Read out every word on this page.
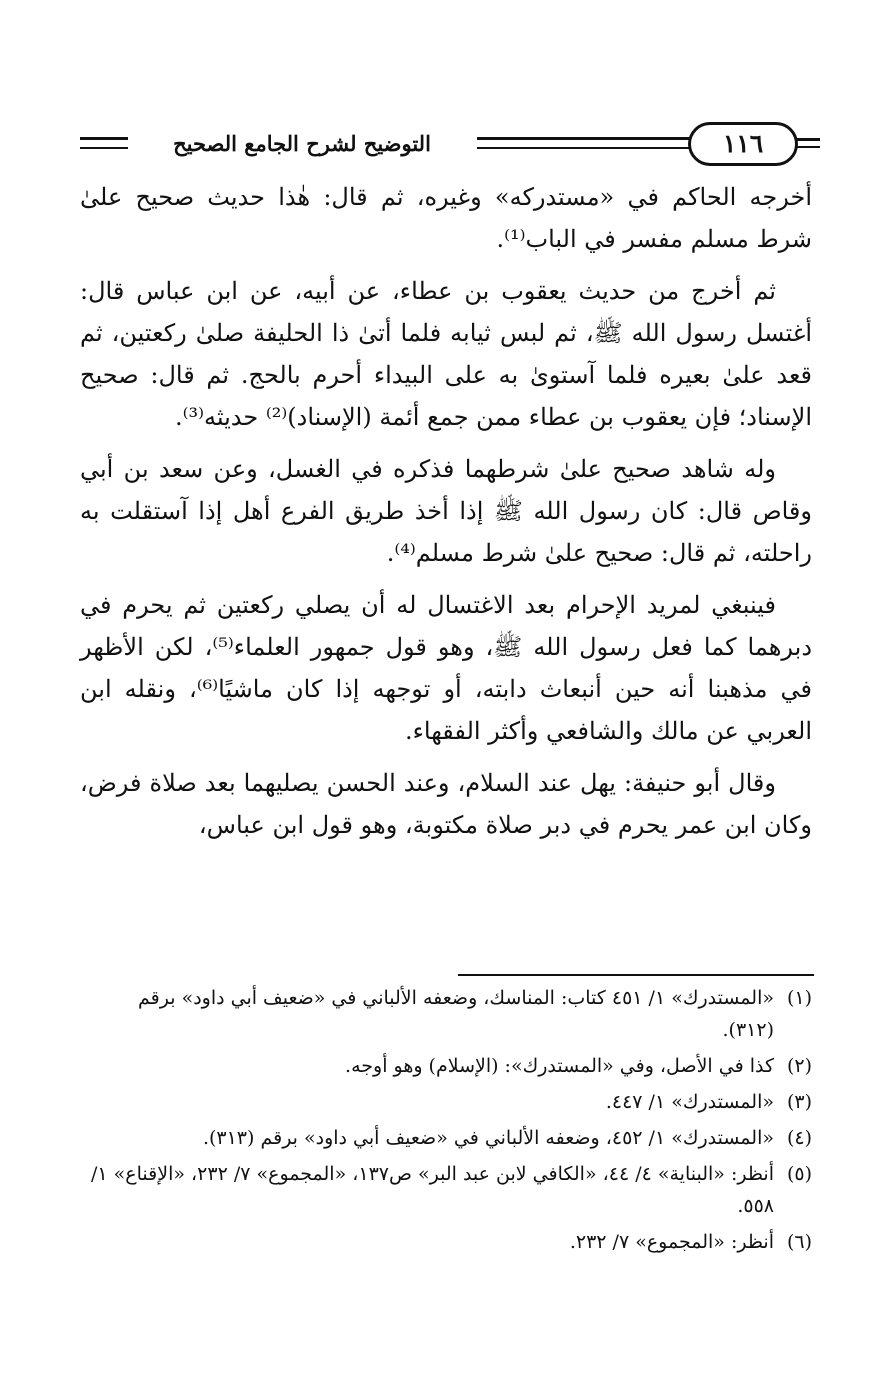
التوضيح لشرح الجامع الصحيح	١١٦

أخرجه الحاكم في «مستدركه» وغيره، ثم قال: هٰذا حديث صحيح علىٰ شرط مسلم مفسر في الباب⁽¹⁾.

ثم أخرج من حديث يعقوب بن عطاء، عن أبيه، عن ابن عباس قال: أغتسل رسول الله ﷺ، ثم لبس ثيابه فلما أتىٰ ذا الحليفة صلىٰ ركعتين، ثم قعد علىٰ بعيره فلما آستوىٰ به على البيداء أحرم بالحج. ثم قال: صحيح الإسناد؛ فإن يعقوب بن عطاء ممن جمع أئمة (الإسناد)⁽²⁾ حديثه⁽³⁾.

وله شاهد صحيح علىٰ شرطهما فذكره في الغسل، وعن سعد بن أبي وقاص قال: كان رسول الله ﷺ إذا أخذ طريق الفرع أهل إذا آستقلت به راحلته، ثم قال: صحيح علىٰ شرط مسلم⁽⁴⁾.

فينبغي لمريد الإحرام بعد الاغتسال له أن يصلي ركعتين ثم يحرم في دبرهما كما فعل رسول الله ﷺ، وهو قول جمهور العلماء⁽⁵⁾، لكن الأظهر في مذهبنا أنه حين أنبعاث دابته، أو توجهه إذا كان ماشيًا⁽⁶⁾، ونقله ابن العربي عن مالك والشافعي وأكثر الفقهاء.

وقال أبو حنيفة: يهل عند السلام، وعند الحسن يصليهما بعد صلاة فرض، وكان ابن عمر يحرم في دبر صلاة مكتوبة، وهو قول ابن عباس،

(١)
«المستدرك» ١/ ٤٥١ كتاب: المناسك، وضعفه الألباني في «ضعيف أبي داود» برقم (٣١٢).
(٢)
كذا في الأصل، وفي «المستدرك»: (الإسلام) وهو أوجه.
(٣)
«المستدرك» ١/ ٤٤٧.
(٤)
«المستدرك» ١/ ٤٥٢، وضعفه الألباني في «ضعيف أبي داود» برقم (٣١٣).
(٥)
أنظر: «البناية» ٤/ ٤٤، «الكافي لابن عبد البر» ص١٣٧، «المجموع» ٧/ ٢٣٢، «الإقناع» ١/ ٥٥٨.
(٦)
أنظر: «المجموع» ٧/ ٢٣٢.
